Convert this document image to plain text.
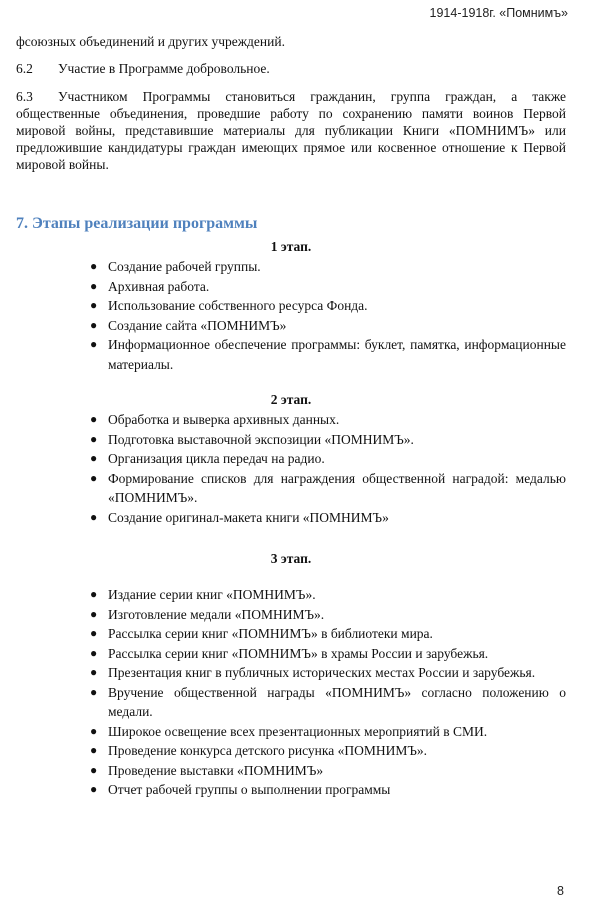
1914-1918г. «Помнимъ»

фсоюзных объединений и других учреждений.

6.2 Участие в Программе добровольное.

6.3 Участником Программы становиться гражданин, группа граждан, а также общественные объединения, проведшие работу по сохранению памяти воинов Первой мировой войны, представившие материалы для публикации Книги «ПОМНИМЪ» или предложившие кандидатуры граждан имеющих прямое или косвенное отношение к Первой мировой войны.

7. Этапы реализации программы
1 этап.
● Создание рабочей группы.
● Архивная работа.
● Использование собственного ресурса Фонда.
● Создание сайта «ПОМНИМЪ»
● Информационное обеспечение программы: буклет, памятка, информационные материалы.
2 этап.
● Обработка и выверка архивных данных.
● Подготовка выставочной экспозиции «ПОМНИМЪ».
● Организация цикла передач на радио.
● Формирование списков для награждения общественной наградой: медалью «ПОМНИМЪ».
● Создание оригинал-макета книги «ПОМНИМЪ»
3 этап.
● Издание серии книг «ПОМНИМЪ».
● Изготовление медали «ПОМНИМЪ».
● Рассылка серии книг «ПОМНИМЪ» в библиотеки мира.
● Рассылка серии книг «ПОМНИМЪ» в храмы России и зарубежья.
● Презентация книг в публичных исторических местах России и зарубежья.
● Вручение общественной награды «ПОМНИМЪ» согласно положению о медали.
● Широкое освещение всех презентационных мероприятий в СМИ.
● Проведение конкурса детского рисунка «ПОМНИМЪ».
● Проведение выставки «ПОМНИМЪ»
● Отчет рабочей группы о выполнении программы
8
